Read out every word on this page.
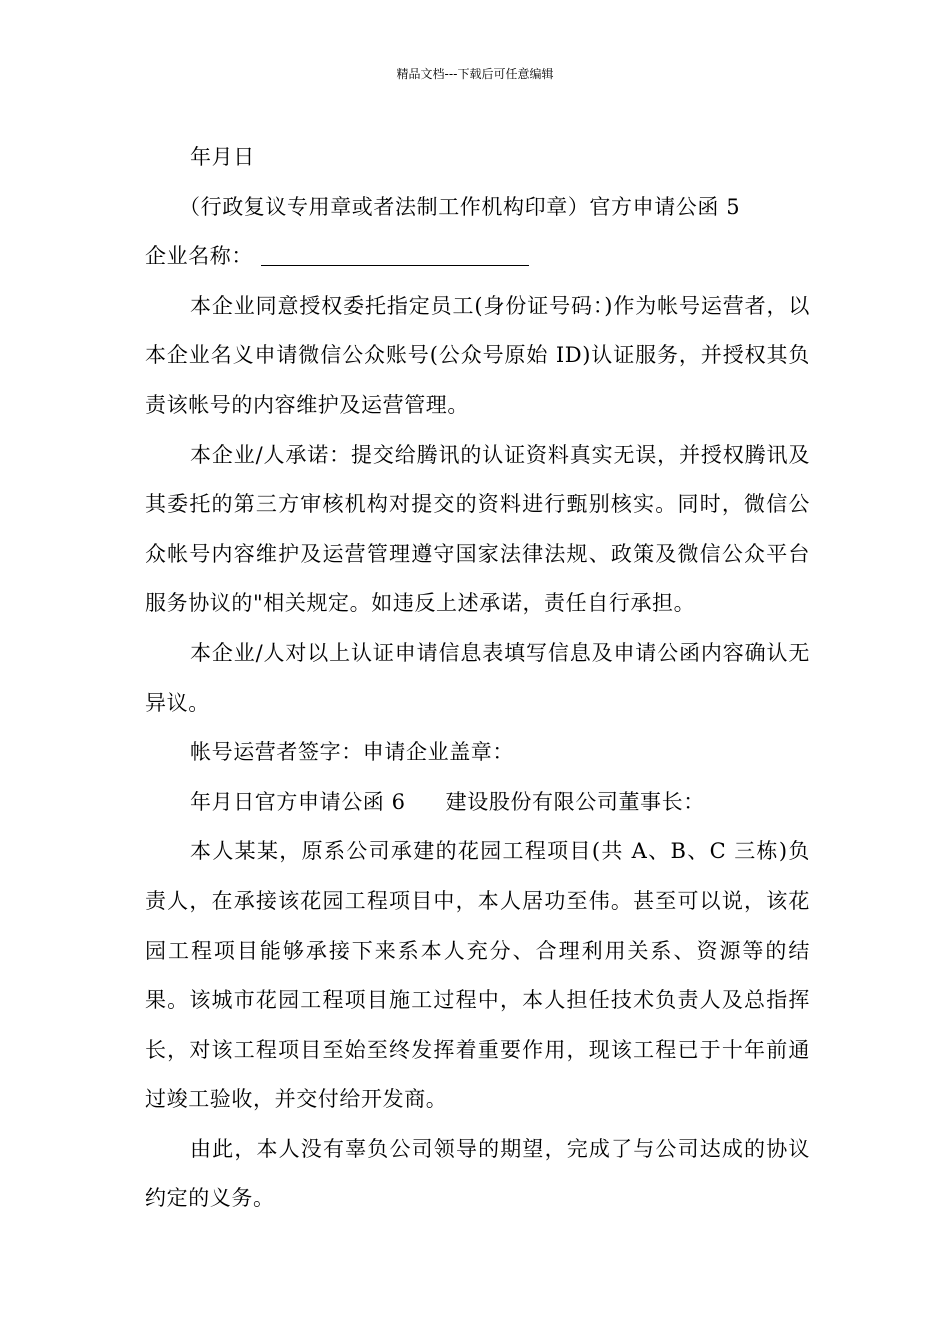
精品文档---下载后可任意编辑

年月日

（行政复议专用章或者法制工作机构印章）官方申请公函 5

企业名称：

本企业同意授权委托指定员工(身份证号码：)作为帐号运营者，以本企业名义申请微信公众账号(公众号原始 ID)认证服务，并授权其负责该帐号的内容维护及运营管理。

本企业/人承诺：提交给腾讯的认证资料真实无误，并授权腾讯及其委托的第三方审核机构对提交的资料进行甄别核实。同时，微信公众帐号内容维护及运营管理遵守国家法律法规、政策及微信公众平台服务协议的"相关规定。如违反上述承诺，责任自行承担。

本企业/人对以上认证申请信息表填写信息及申请公函内容确认无异议。

帐号运营者签字：申请企业盖章：

年月日官方申请公函 6 建设股份有限公司董事长：

本人某某，原系公司承建的花园工程项目(共 A、B、C 三栋)负责人，在承接该花园工程项目中，本人居功至伟。甚至可以说，该花园工程项目能够承接下来系本人充分、合理利用关系、资源等的结果。该城市花园工程项目施工过程中，本人担任技术负责人及总指挥长，对该工程项目至始至终发挥着重要作用，现该工程已于十年前通过竣工验收，并交付给开发商。

由此，本人没有辜负公司领导的期望，完成了与公司达成的协议约定的义务。
